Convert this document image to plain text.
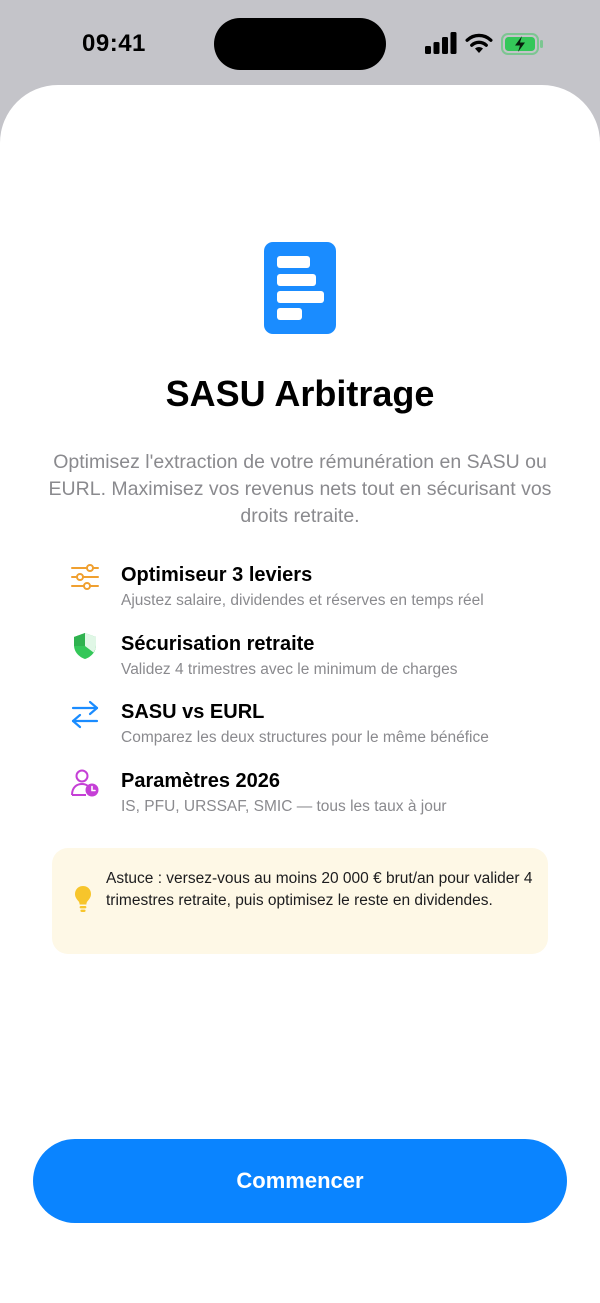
09:41
SASU Arbitrage
Optimisez l'extraction de votre rémunération en SASU ou EURL. Maximisez vos revenus nets tout en sécurisant vos droits retraite.
Optimiseur 3 leviers
Ajustez salaire, dividendes et réserves en temps réel
Sécurisation retraite
Validez 4 trimestres avec le minimum de charges
SASU vs EURL
Comparez les deux structures pour le même bénéfice
Paramètres 2026
IS, PFU, URSSAF, SMIC — tous les taux à jour
Astuce : versez-vous au moins 20 000 € brut/an pour valider 4 trimestres retraite, puis optimisez le reste en dividendes.
Commencer
